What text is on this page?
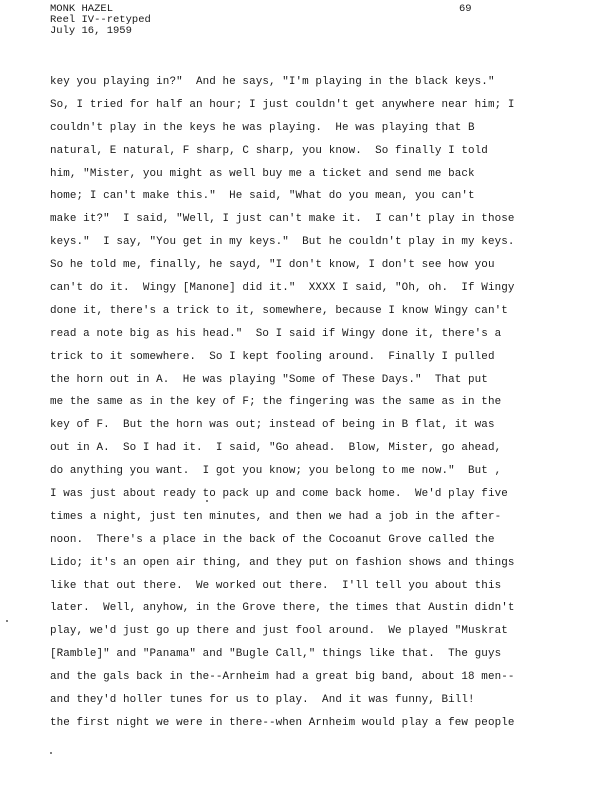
MONK HAZEL
Reel IV--retyped
July 16, 1959
69
key you playing in?"  And he says, "I'm playing in the black keys."
So, I tried for half an hour; I just couldn't get anywhere near him; I
couldn't play in the keys he was playing.  He was playing that B
natural, E natural, F sharp, C sharp, you know.  So finally I told
him, "Mister, you might as well buy me a ticket and send me back
home; I can't make this."  He said, "What do you mean, you can't
make it?"  I said, "Well, I just can't make it.  I can't play in those
keys."  I say, "You get in my keys."  But he couldn't play in my keys.
So he told me, finally, he sayd, "I don't know, I don't see how you
can't do it.  Wingy [Manone] did it."  XXXX I said, "Oh, oh.  If Wingy
done it, there's a trick to it, somewhere, because I know Wingy can't
read a note big as his head."  So I said if Wingy done it, there's a
trick to it somewhere.  So I kept fooling around.  Finally I pulled
the horn out in A.  He was playing "Some of These Days."  That put
me the same as in the key of F; the fingering was the same as in the
key of F.  But the horn was out; instead of being in B flat, it was
out in A.  So I had it.  I said, "Go ahead.  Blow, Mister, go ahead,
do anything you want.  I got you know; you belong to me now."  But ,
I was just about ready to pack up and come back home.  We'd play five
times a night, just ten minutes, and then we had a job in the after-
noon.  There's a place in the back of the Cocoanut Grove called the
Lido; it's an open air thing, and they put on fashion shows and things
like that out there.  We worked out there.  I'll tell you about this
later.  Well, anyhow, in the Grove there, the times that Austin didn't
play, we'd just go up there and just fool around.  We played "Muskrat
[Ramble]" and "Panama" and "Bugle Call," things like that.  The guys
and the gals back in the--Arnheim had a great big band, about 18 men--
and they'd holler tunes for us to play.  And it was funny, Bill!
the first night we were in there--when Arnheim would play a few people
